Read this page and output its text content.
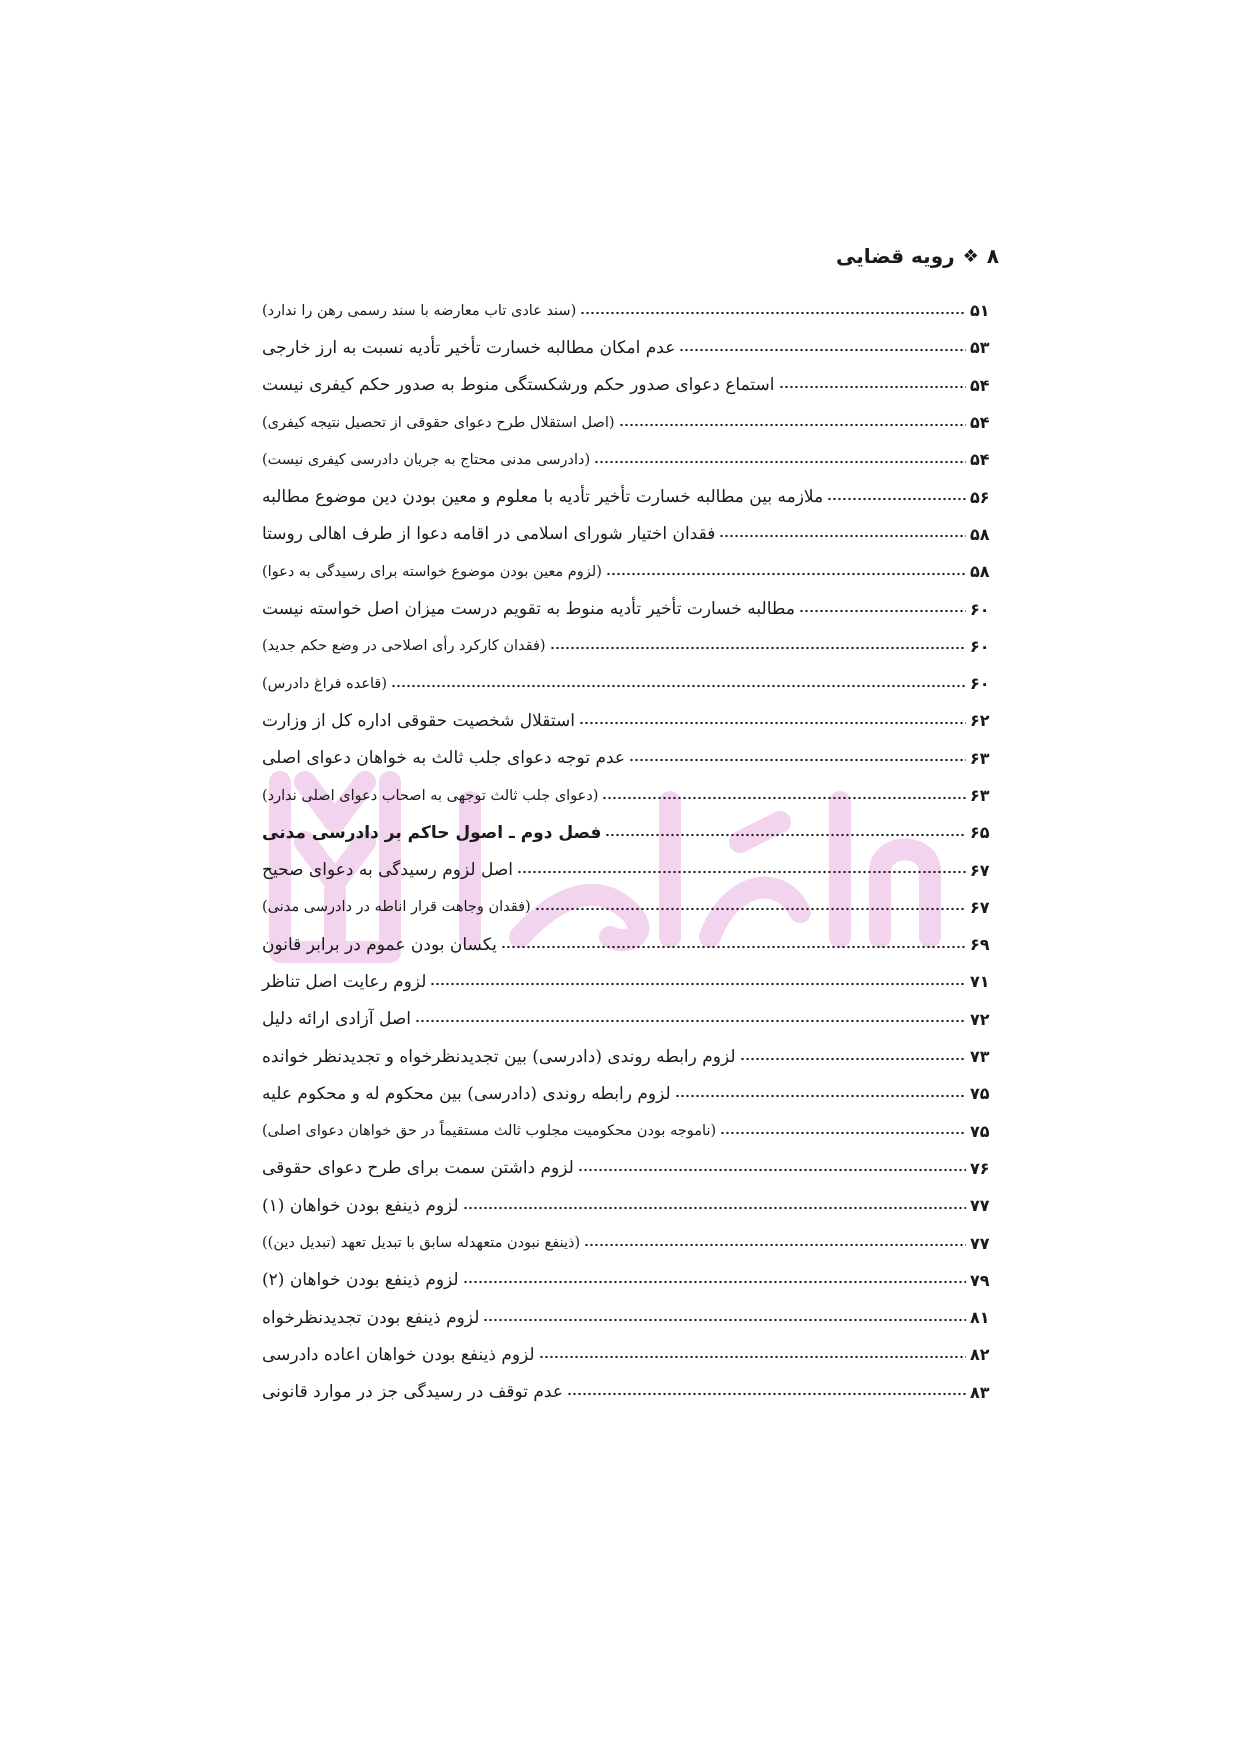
۸
❖
رویه قضایی
(سند عادی تاب معارضه با سند رسمی رهن را ندارد)	۵۱
عدم امکان مطالبه خسارت تأخیر تأدیه نسبت به ارز خارجی	۵۳
استماع دعوای صدور حکم ورشکستگی منوط به صدور حکم کیفری نیست	۵۴
(اصل استقلال طرح دعوای حقوقی از تحصیل نتیجه کیفری)	۵۴
(دادرسی مدنی محتاج به جریان دادرسی کیفری نیست)	۵۴
ملازمه بین مطالبه خسارت تأخیر تأدیه با معلوم و معین بودن دین موضوع مطالبه	۵۶
فقدان اختیار شورای اسلامی در اقامه دعوا از طرف اهالی روستا	۵۸
(لزوم معین بودن موضوع خواسته برای رسیدگی به دعوا)	۵۸
مطالبه خسارت تأخیر تأدیه منوط به تقویم درست میزان اصل خواسته نیست	۶۰
(فقدان کارکرد رأی اصلاحی در وضع حکم جدید)	۶۰
(قاعده فراغ دادرس)	۶۰
استقلال شخصیت حقوقی اداره کل از وزارت	۶۲
عدم توجه دعوای جلب ثالث به خواهان دعوای اصلی	۶۳
(دعوای جلب ثالث توجهی به اصحاب دعوای اصلی ندارد)	۶۳
فصل دوم ـ اصول حاکم بر دادرسی مدنی	۶۵
اصل لزوم رسیدگی به دعوای صحیح	۶۷
(فقدان وجاهت قرار اناطه در دادرسی مدنی)	۶۷
یکسان بودن عموم در برابر قانون	۶۹
لزوم رعایت اصل تناظر	۷۱
اصل آزادی ارائه دلیل	۷۲
لزوم رابطه روندی (دادرسی) بین تجدیدنظرخواه و تجدیدنظر خوانده	۷۳
لزوم رابطه روندی (دادرسی) بین محکوم له و محکوم علیه	۷۵
(ناموجه بودن محکومیت مجلوب ثالث مستقیماً در حق خواهان دعوای اصلی)	۷۵
لزوم داشتن سمت برای طرح دعوای حقوقی	۷۶
لزوم ذینفع بودن خواهان (۱)	۷۷
(ذینفع نبودن متعهدله سابق با تبدیل تعهد (تبدیل دین))	۷۷
لزوم ذینفع بودن خواهان (۲)	۷۹
لزوم ذینفع بودن تجدیدنظرخواه	۸۱
لزوم ذینفع بودن خواهان اعاده دادرسی	۸۲
عدم توقف در رسیدگی جز در موارد قانونی	۸۳
